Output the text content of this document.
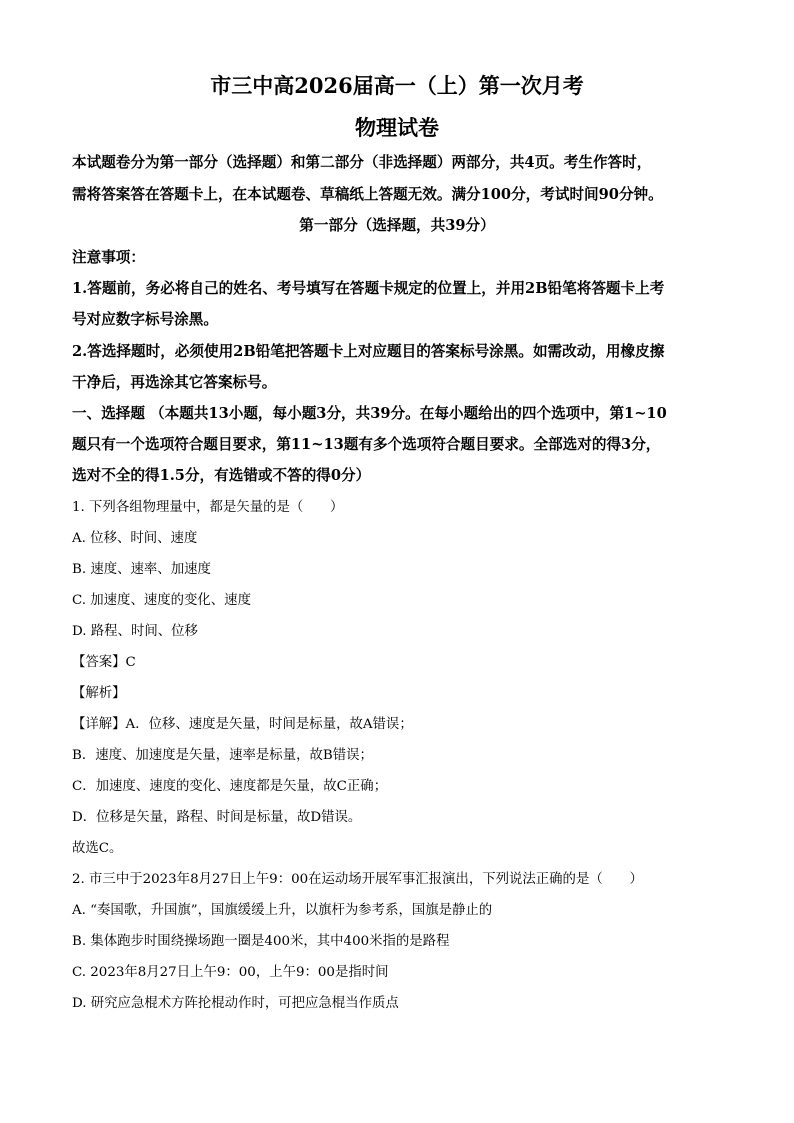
市三中高2026届高一（上）第一次月考
物理试卷
本试题卷分为第一部分（选择题）和第二部分（非选择题）两部分，共4页。考生作答时，
需将答案答在答题卡上，在本试题卷、草稿纸上答题无效。满分100分，考试时间90分钟。
第一部分（选择题，共39分）
注意事项：
1.答题前，务必将自己的姓名、考号填写在答题卡规定的位置上，并用2B铅笔将答题卡上考
号对应数字标号涂黑。
2.答选择题时，必须使用2B铅笔把答题卡上对应题目的答案标号涂黑。如需改动，用橡皮擦
干净后，再选涂其它答案标号。
一、选择题 （本题共13小题，每小题3分，共39分。在每小题给出的四个选项中，第1~10
题只有一个选项符合题目要求，第11~13题有多个选项符合题目要求。全部选对的得3分，
选对不全的得1.5分，有选错或不答的得0分）
1. 下列各组物理量中，都是矢量的是（　　）
A. 位移、时间、速度
B. 速度、速率、加速度
C. 加速度、速度的变化、速度
D. 路程、时间、位移
【答案】C
【解析】
【详解】A．位移、速度是矢量，时间是标量，故A错误；
B．速度、加速度是矢量，速率是标量，故B错误；
C．加速度、速度的变化、速度都是矢量，故C正确；
D．位移是矢量，路程、时间是标量，故D错误。
故选C。
2. 市三中于2023年8月27日上午9：00在运动场开展军事汇报演出，下列说法正确的是（　　）
A. “奏国歌，升国旗”，国旗缓缓上升，以旗杆为参考系，国旗是静止的
B. 集体跑步时围绕操场跑一圈是400米，其中400米指的是路程
C. 2023年8月27日上午9：00，上午9：00是指时间
D. 研究应急棍术方阵抡棍动作时，可把应急棍当作质点
